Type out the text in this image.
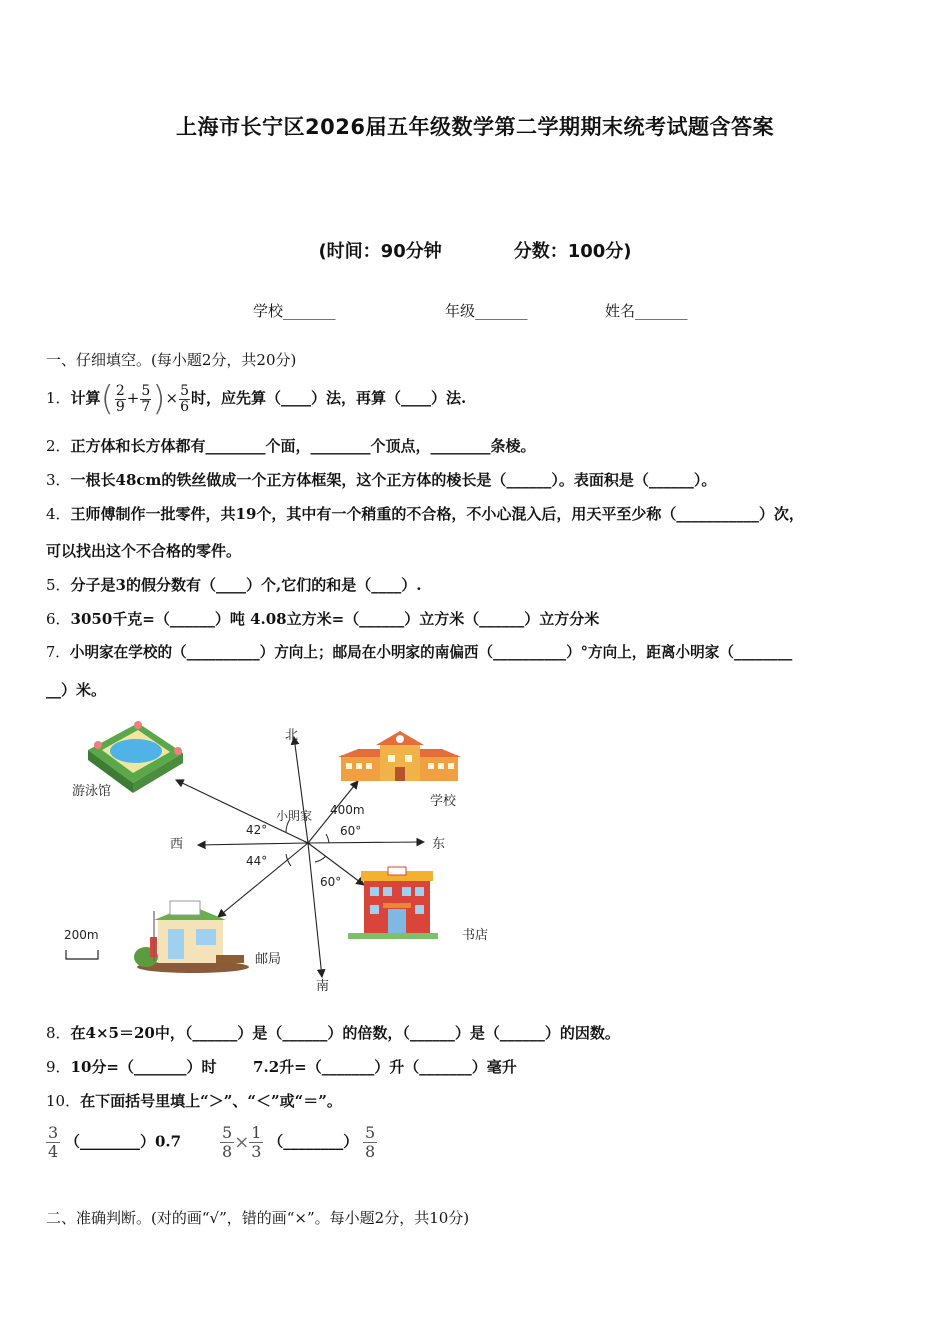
上海市长宁区2026届五年级数学第二学期期末统考试题含答案
(时间：90分钟	分数：100分)
学校_______	年级_______	姓名_______
一、仔细填空。(每小题2分，共20分)
1．计算( $\frac{2}{9} + \frac{5}{7}$ )× $\frac{5}{6}$ 时，应先算（____）法，再算（____）法.
2．正方体和长方体都有________个面，________个顶点，________条棱。
3．一根长48cm的铁丝做成一个正方体框架，这个正方体的棱长是（______）。表面积是（______）。
4．王师傅制作一批零件，共19个，其中有一个稍重的不合格，不小心混入后，用天平至少称（___________）次，
可以找出这个不合格的零件。
5．分子是3的假分数有（____）个,它们的和是（____）.
6．3050千克=（______）吨 4.08立方米=（______）立方米（______）立方分米
7．小明家在学校的（__________）方向上；邮局在小明家的南偏西（__________）°方向上，距离小明家（________
__）米。
北
南
东
西
游泳馆
学校
书店
邮局
小明家 400m
42°
44°
60°
60°
200m
8．在4×5＝20中，（______）是（______）的倍数，（______）是（______）的因数。
9．10分=（_______）时       7.2升=（_______）升（_______）毫升
10．在下面括号里填上“＞”、“＜”或“＝”。
$\frac{3}{4}$ （________）0.7 $\frac{5}{8} \times \frac{1}{3}$ （________） $\frac{5}{8}$
二、准确判断。(对的画“√”，错的画“×”。每小题2分，共10分)
